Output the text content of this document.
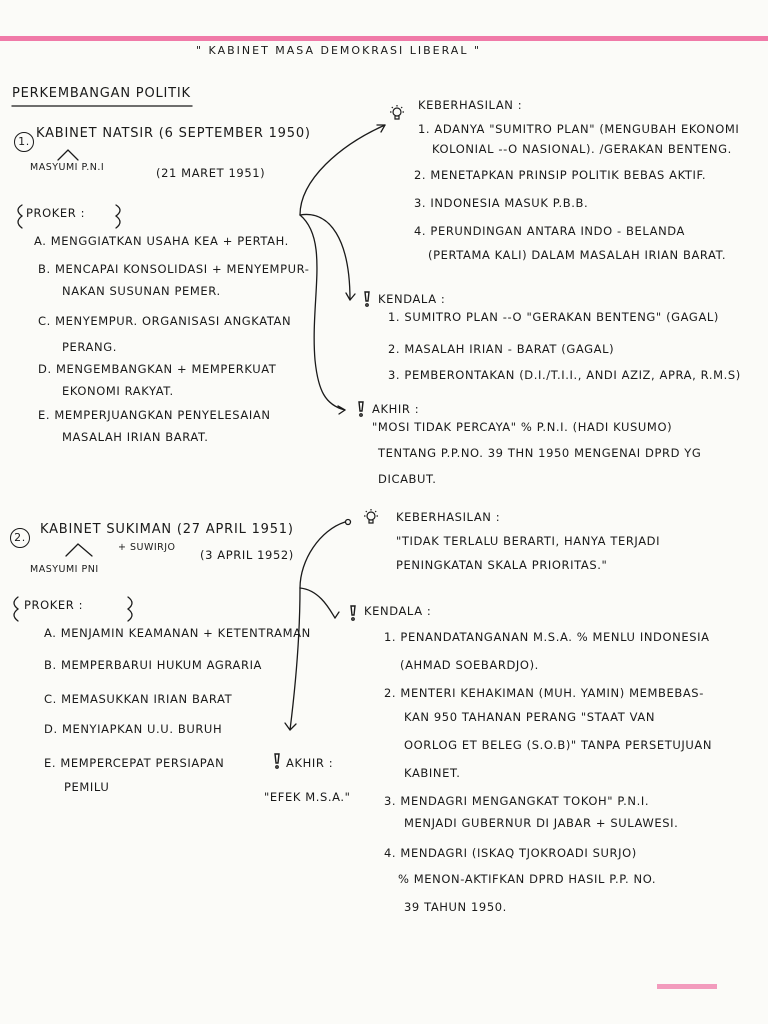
" KABINET MASA DEMOKRASI LIBERAL "
PERKEMBANGAN POLITIK
1.
KABINET NATSIR (6 SEPTEMBER 1950)
MASYUMI P.N.I	(21 MARET 1951)
PROKER :
A. MENGGIATKAN USAHA KEA + PERTAH.
B. MENCAPAI KONSOLIDASI + MENYEMPUR-
NAKAN SUSUNAN PEMER.
C. MENYEMPUR. ORGANISASI ANGKATAN
PERANG.
D. MENGEMBANGKAN + MEMPERKUAT
EKONOMI RAKYAT.
E. MEMPERJUANGKAN PENYELESAIAN
MASALAH IRIAN BARAT.
KEBERHASILAN :
1. ADANYA "SUMITRO PLAN" (MENGUBAH EKONOMI
KOLONIAL --O NASIONAL). /GERAKAN BENTENG.
2. MENETAPKAN PRINSIP POLITIK BEBAS AKTIF.
3. INDONESIA MASUK P.B.B.
4. PERUNDINGAN ANTARA INDO - BELANDA
(PERTAMA KALI) DALAM MASALAH IRIAN BARAT.
KENDALA :
1. SUMITRO PLAN --O "GERAKAN BENTENG" (GAGAL)
2. MASALAH IRIAN - BARAT (GAGAL)
3. PEMBERONTAKAN (D.I./T.I.I., ANDI AZIZ, APRA, R.M.S)
AKHIR :
"MOSI TIDAK PERCAYA" % P.N.I. (HADI KUSUMO)
TENTANG P.P.NO. 39 THN 1950 MENGENAI DPRD YG
DICABUT.
2.
KABINET SUKIMAN (27 APRIL 1951)
+ SUWIRJO
MASYUMI PNI
(3 APRIL 1952)
PROKER :
A. MENJAMIN KEAMANAN + KETENTRAMAN
B. MEMPERBARUI HUKUM AGRARIA
C. MEMASUKKAN IRIAN BARAT
D. MENYIAPKAN U.U. BURUH
E. MEMPERCEPAT PERSIAPAN
PEMILU
KEBERHASILAN :
"TIDAK TERLALU BERARTI, HANYA TERJADI
PENINGKATAN SKALA PRIORITAS."
KENDALA :
1. PENANDATANGANAN M.S.A. % MENLU INDONESIA
(AHMAD SOEBARDJO).
2. MENTERI KEHAKIMAN (MUH. YAMIN) MEMBEBAS-
KAN 950 TAHANAN PERANG "STAAT VAN
OORLOG ET BELEG (S.O.B)" TANPA PERSETUJUAN
KABINET.
3. MENDAGRI MENGANGKAT TOKOH" P.N.I.
MENJADI GUBERNUR DI JABAR + SULAWESI.
4. MENDAGRI (ISKAQ TJOKROADI SURJO)
% MENON-AKTIFKAN DPRD HASIL P.P. NO.
39 TAHUN 1950.
AKHIR :
"EFEK M.S.A."
